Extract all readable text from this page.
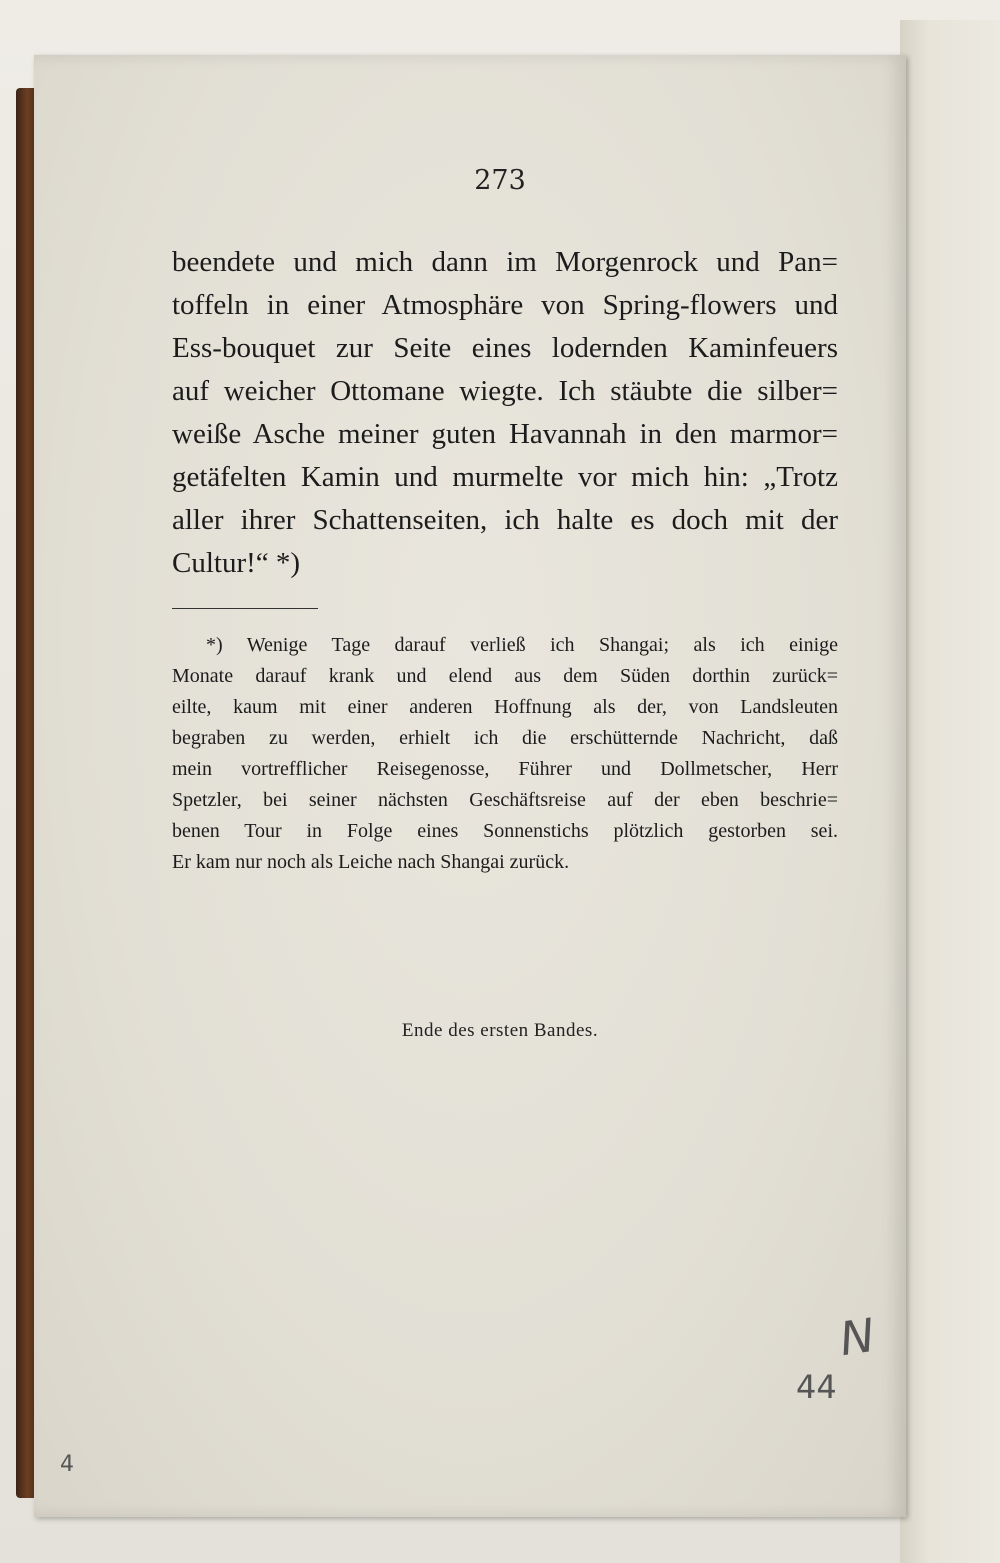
273
beendete und mich dann im Morgenrock und Pan=
toffeln in einer Atmosphäre von Spring-flowers und
Ess-bouquet zur Seite eines lodernden Kaminfeuers
auf weicher Ottomane wiegte. Ich stäubte die silber=
weiße Asche meiner guten Havannah in den marmor=
getäfelten Kamin und murmelte vor mich hin: „Trotz
aller ihrer Schattenseiten, ich halte es doch mit der
Cultur!“ *)
*) Wenige Tage darauf verließ ich Shangai; als ich einige
Monate darauf krank und elend aus dem Süden dorthin zurück=
eilte, kaum mit einer anderen Hoffnung als der, von Landsleuten
begraben zu werden, erhielt ich die erschütternde Nachricht, daß
mein vortrefflicher Reisegenosse, Führer und Dollmetscher, Herr
Spetzler, bei seiner nächsten Geschäftsreise auf der eben beschrie=
benen Tour in Folge eines Sonnenstichs plötzlich gestorben sei.
Er kam nur noch als Leiche nach Shangai zurück.
Ende des ersten Bandes.
N
44
4
